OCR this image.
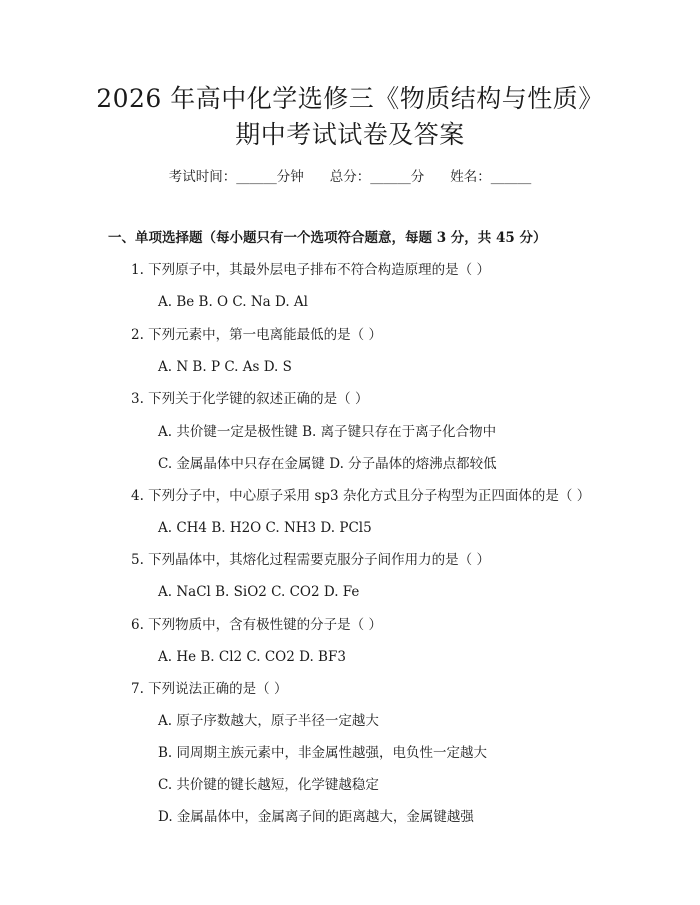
2026 年高中化学选修三《物质结构与性质》
期中考试试卷及答案
考试时间：______分钟 总分：______分 姓名：______
一、单项选择题（每小题只有一个选项符合题意，每题 3 分，共 45 分）
1. 下列原子中，其最外层电子排布不符合构造原理的是（ ）
A. Be B. O C. Na D. Al
2. 下列元素中，第一电离能最低的是（ ）
A. N B. P C. As D. S
3. 下列关于化学键的叙述正确的是（ ）
A. 共价键一定是极性键 B. 离子键只存在于离子化合物中
C. 金属晶体中只存在金属键 D. 分子晶体的熔沸点都较低
4. 下列分子中，中心原子采用 sp3 杂化方式且分子构型为正四面体的是（ ）
A. CH4 B. H2O C. NH3 D. PCl5
5. 下列晶体中，其熔化过程需要克服分子间作用力的是（ ）
A. NaCl B. SiO2 C. CO2 D. Fe
6. 下列物质中，含有极性键的分子是（ ）
A. He B. Cl2 C. CO2 D. BF3
7. 下列说法正确的是（ ）
A. 原子序数越大，原子半径一定越大
B. 同周期主族元素中，非金属性越强，电负性一定越大
C. 共价键的键长越短，化学键越稳定
D. 金属晶体中，金属离子间的距离越大，金属键越强
